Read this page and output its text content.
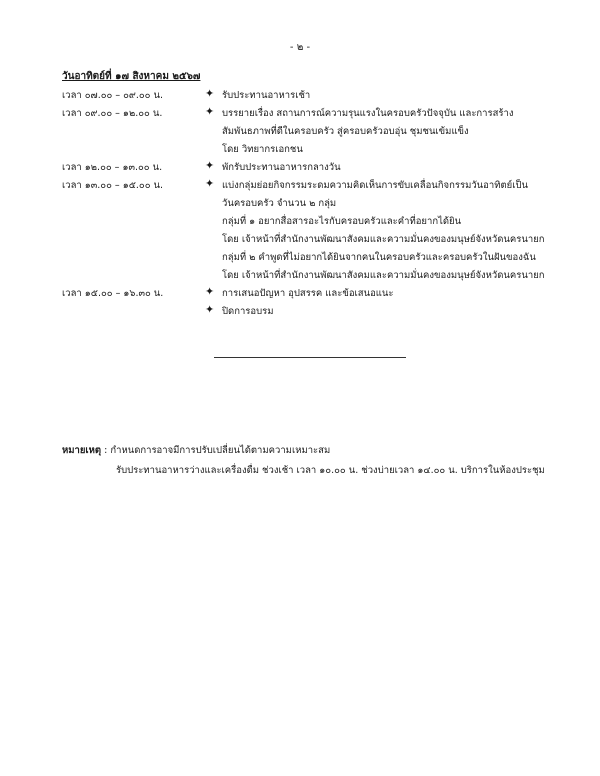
- ๒ -
วันอาทิตย์ที่ ๑๗ สิงหาคม ๒๕๖๗
เวลา ๐๗.๐๐ – ๐๙.๐๐ น.	✦ รับประทานอาหารเช้า
เวลา ๐๙.๐๐ – ๑๒.๐๐ น.	✦ บรรยายเรื่อง สถานการณ์ความรุนแรงในครอบครัวปัจจุบัน และการสร้าง
สัมพันธภาพที่ดีในครอบครัว สู่ครอบครัวอบอุ่น ชุมชนเข้มแข็ง
โดย วิทยากรเอกชน
เวลา ๑๒.๐๐ – ๑๓.๐๐ น.	✦ พักรับประทานอาหารกลางวัน
เวลา ๑๓.๐๐ – ๑๕.๐๐ น.	✦ แบ่งกลุ่มย่อยกิจกรรมระดมความคิดเห็นการขับเคลื่อนกิจกรรมวันอาทิตย์เป็น
วันครอบครัว จำนวน ๒ กลุ่ม
กลุ่มที่ ๑ อยากสื่อสารอะไรกับครอบครัวและคำที่อยากได้ยิน
โดย เจ้าหน้าที่สำนักงานพัฒนาสังคมและความมั่นคงของมนุษย์จังหวัดนครนายก
กลุ่มที่ ๒ คำพูดที่ไม่อยากได้ยินจากคนในครอบครัวและครอบครัวในฝันของฉัน
โดย เจ้าหน้าที่สำนักงานพัฒนาสังคมและความมั่นคงของมนุษย์จังหวัดนครนายก
เวลา ๑๕.๐๐ – ๑๖.๓๐ น.	✦ การเสนอปัญหา อุปสรรค และข้อเสนอแนะ
✦ ปิดการอบรม
หมายเหตุ : กำหนดการอาจมีการปรับเปลี่ยนได้ตามความเหมาะสม
รับประทานอาหารว่างและเครื่องดื่ม ช่วงเช้า เวลา ๑๐.๐๐ น. ช่วงบ่ายเวลา ๑๔.๐๐ น. บริการในห้องประชุม
